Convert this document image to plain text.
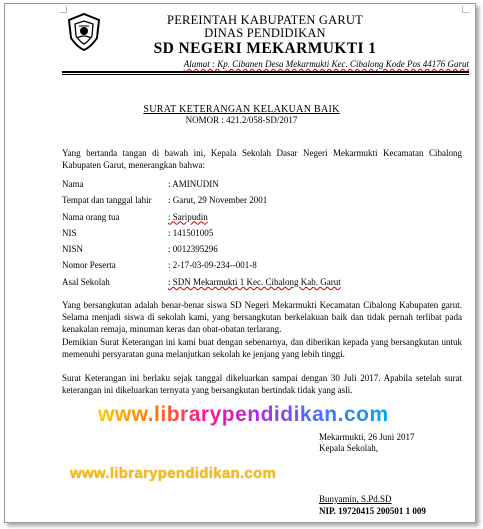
PEREINTAH KABUPATEN GARUT
DINAS PENDIDIKAN
SD NEGERI MEKARMUKTI 1
Alamat : Kp. Cibanen Desa Mekarmukti Kec. Cibalong Kode Pos 44176 Garut
SURAT KETERANGAN KELAKUAN BAIK
NOMOR : 421.2/058-SD/2017
Yang bertanda tangan di bawah ini, Kepala Sekolah Dasar Negeri Mekarmukti Kecamatan Cibalong Kabupaten Garut, menerangkan bahwa:
Nama	: AMINUDIN
Tempat dan tanggal lahir : Garut, 29 November 2001
Nama orang tua	: Saripudin
NIS	: 141501005
NISN	: 0012395296
Nomor Peserta	: 2-17-03-09-234--001-8
Asal Sekolah	: SDN Mekarmukti 1 Kec. Cibalong Kab. Garut
Yang bersangkutan adalah benar-benar siswa SD Negeri Mekarmukti Kecamatan Cibalong Kabupaten garut. Selama menjadi siswa di sekolah kami, yang bersangkutan berkelakuan baik dan tidak pernah terlibat pada kenakalan remaja, minuman keras dan obat-obatan terlarang.
Demikian Surat Keterangan ini kami buat dengan sebenarnya, dan diberikan kepada yang bersangkutan untuk memenuhi persyaratan guna melanjutkan sekolah ke jenjang yang lebih tinggi.
Surat Keterangan ini berlaku sejak tanggal dikeluarkan sampai dengan 30 Juli 2017. Apabila setelah surat keterangan ini dikeluarkan ternyata yang bersangkutan bertindak tidak yang asli.
www.librarypendidikan.com
Mekarmukti, 26 Juni 2017
Kepala Sekolah,
www.librarypendidikan.com
Bunyamin, S.Pd.SD
NIP. 19720415 200501 1 009
